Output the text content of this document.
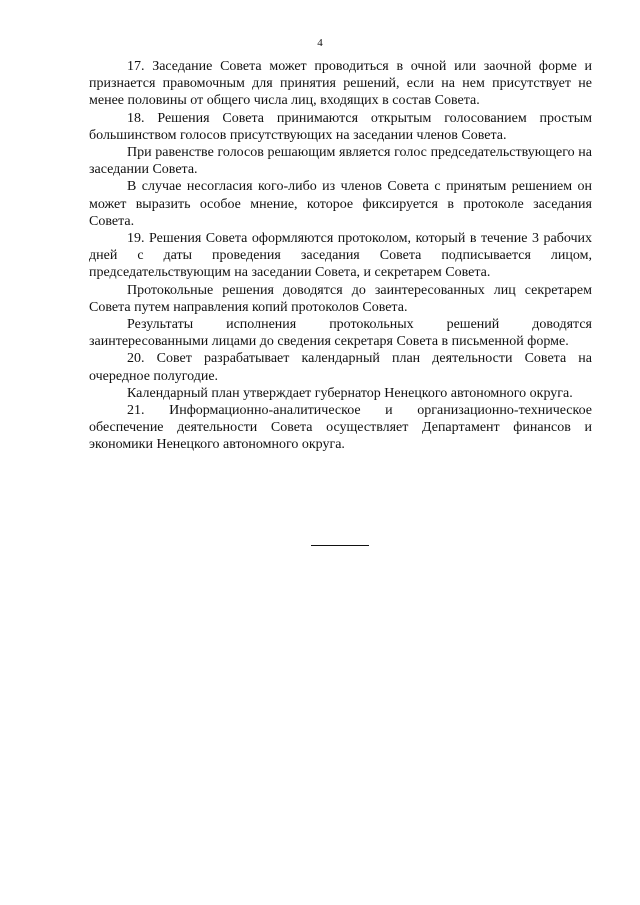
4

17. Заседание Совета может проводиться в очной или заочной форме и признается правомочным для принятия решений, если на нем присутствует не менее половины от общего числа лиц, входящих в состав Совета.

18. Решения Совета принимаются открытым голосованием простым большинством голосов присутствующих на заседании членов Совета.

При равенстве голосов решающим является голос председательствующего на заседании Совета.

В случае несогласия кого-либо из членов Совета с принятым решением он может выразить особое мнение, которое фиксируется в протоколе заседания Совета.

19. Решения Совета оформляются протоколом, который в течение 3 рабочих дней с даты проведения заседания Совета подписывается лицом, председательствующим на заседании Совета, и секретарем Совета.

Протокольные решения доводятся до заинтересованных лиц секретарем Совета путем направления копий протоколов Совета.

Результаты исполнения протокольных решений доводятся заинтересованными лицами до сведения секретаря Совета в письменной форме.

20. Совет разрабатывает календарный план деятельности Совета на очередное полугодие.

Календарный план утверждает губернатор Ненецкого автономного округа.

21. Информационно-аналитическое и организационно-техническое обеспечение деятельности Совета осуществляет Департамент финансов и экономики Ненецкого автономного округа.
